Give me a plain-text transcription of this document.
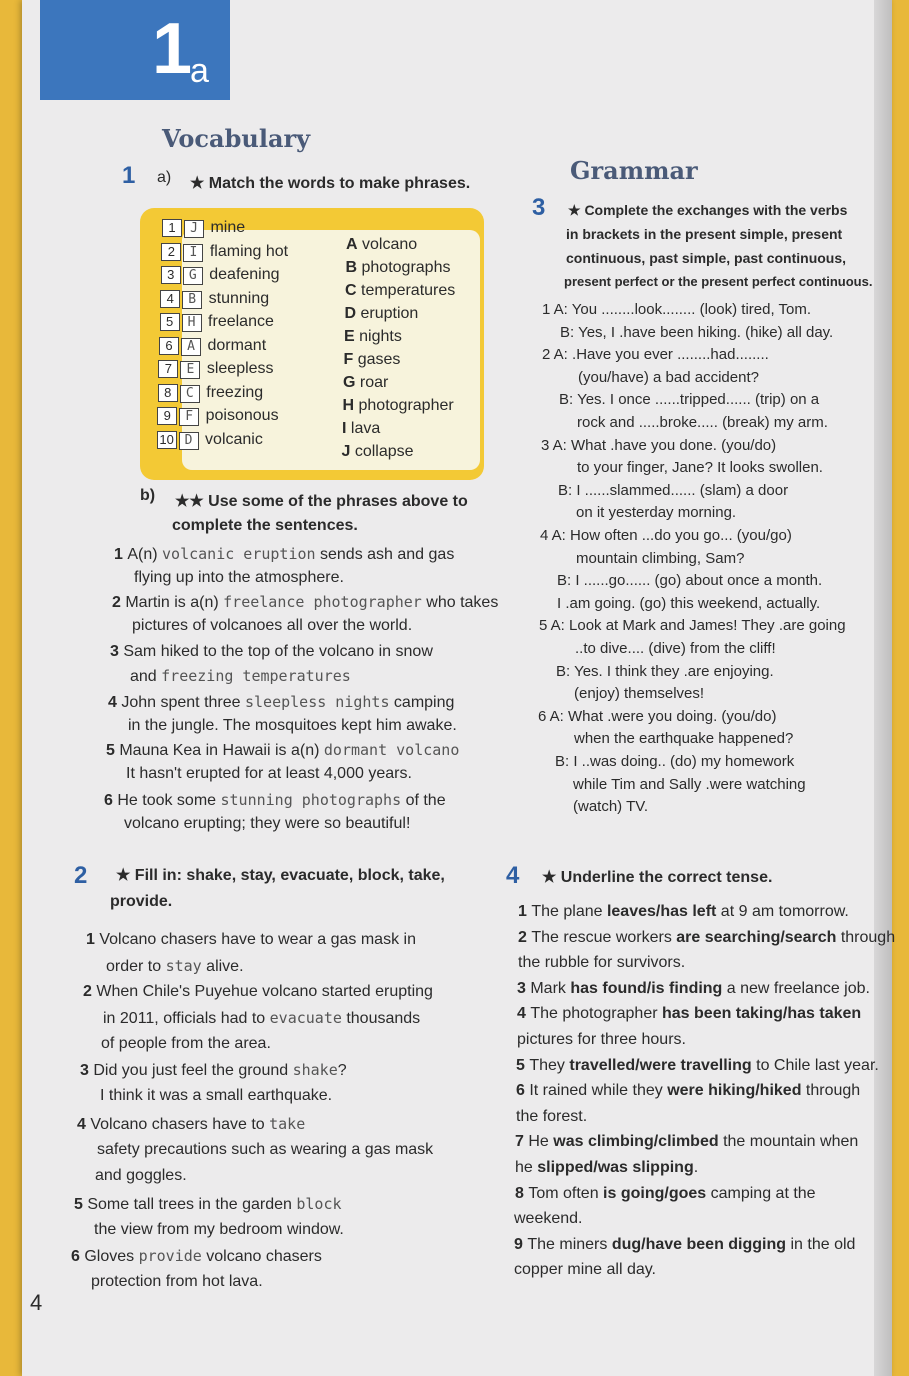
1
a
Vocabulary
1 a) ★ Match the words to make phrases.
1 J mine
2 I flaming hot
3 G deafening
4 B stunning
5 H freelance
6 A dormant
7 E sleepless
8 C freezing
9 F poisonous
10 D volcanic
A volcano
B photographs
C temperatures
D eruption
E nights
F gases
G roar
H photographer
I lava
J collapse
b) ★★ Use some of the phrases above to
complete the sentences.
1 A(n) volcanic eruption sends ash and gas
flying up into the atmosphere.
2 Martin is a(n) freelance photographer who takes
pictures of volcanoes all over the world.
3 Sam hiked to the top of the volcano in snow
and freezing temperatures
4 John spent three sleepless nights camping
in the jungle. The mosquitoes kept him awake.
5 Mauna Kea in Hawaii is a(n) dormant volcano
It hasn't erupted for at least 4,000 years.
6 He took some stunning photographs of the
volcano erupting; they were so beautiful!
2 ★ Fill in: shake, stay, evacuate, block, take,
provide.
1 Volcano chasers have to wear a gas mask in
order to stay alive.
2 When Chile's Puyehue volcano started erupting
in 2011, officials had to evacuate thousands
of people from the area.
3 Did you just feel the ground shake?
I think it was a small earthquake.
4 Volcano chasers have to take
safety precautions such as wearing a gas mask
and goggles.
5 Some tall trees in the garden block
the view from my bedroom window.
6 Gloves provide volcano chasers
protection from hot lava.
Grammar
3 ★ Complete the exchanges with the verbs
in brackets in the present simple, present
continuous, past simple, past continuous,
present perfect or the present perfect continuous.
1 A: You ........look........ (look) tired, Tom.
B: Yes, I .have been hiking. (hike) all day.
2 A: .Have you ever ........had........
(you/have) a bad accident?
B: Yes. I once ......tripped...... (trip) on a
rock and .....broke..... (break) my arm.
3 A: What .have you done. (you/do)
to your finger, Jane? It looks swollen.
B: I ......slammed...... (slam) a door
on it yesterday morning.
4 A: How often ...do you go... (you/go)
mountain climbing, Sam?
B: I ......go...... (go) about once a month.
I .am going. (go) this weekend, actually.
5 A: Look at Mark and James! They .are going
..to dive.... (dive) from the cliff!
B: Yes. I think they .are enjoying.
(enjoy) themselves!
6 A: What .were you doing. (you/do)
when the earthquake happened?
B: I ..was doing.. (do) my homework
while Tim and Sally .were watching
(watch) TV.
4 ★ Underline the correct tense.
1 The plane leaves/has left at 9 am tomorrow.
2 The rescue workers are searching/search through
the rubble for survivors.
3 Mark has found/is finding a new freelance job.
4 The photographer has been taking/has taken
pictures for three hours.
5 They travelled/were travelling to Chile last year.
6 It rained while they were hiking/hiked through
the forest.
7 He was climbing/climbed the mountain when
he slipped/was slipping.
8 Tom often is going/goes camping at the
weekend.
9 The miners dug/have been digging in the old
copper mine all day.
4
